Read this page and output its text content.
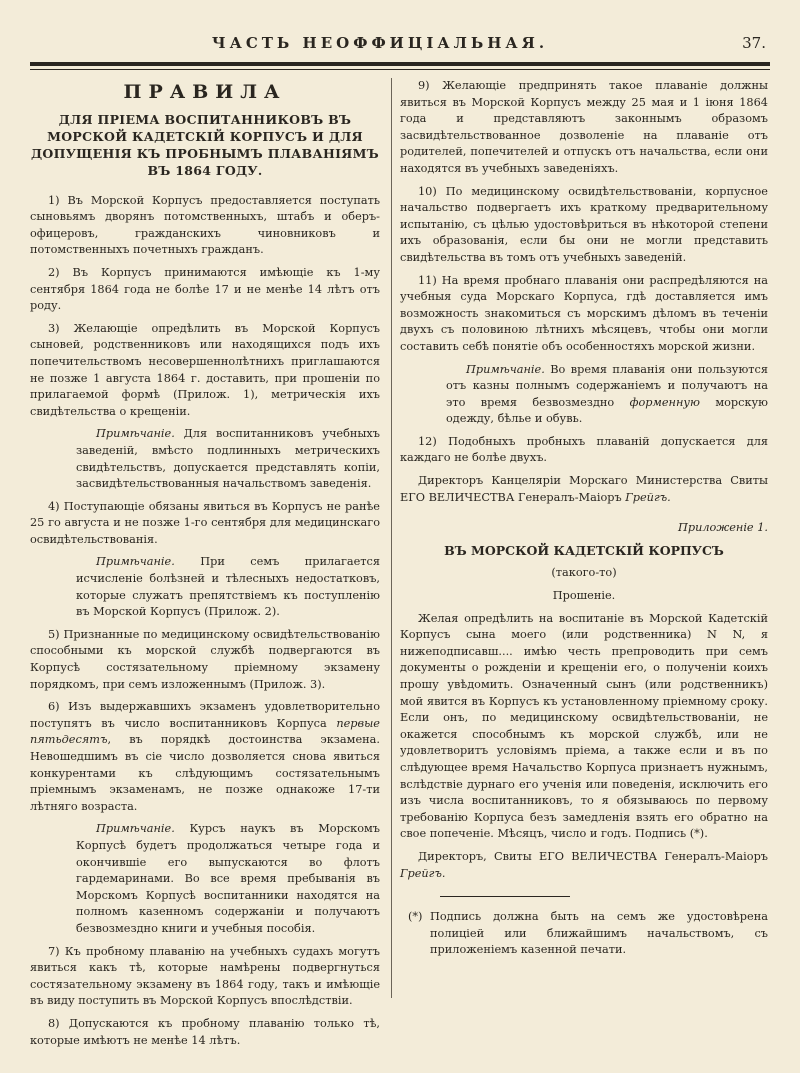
ЧАСТЬ НЕОФФИЦІАЛЬНАЯ.	37.
ПРАВИЛА
ДЛЯ ПРІЕМА ВОСПИТАННИКОВЪ ВЪ МОРСКОЙ КАДЕТСКІЙ КОРПУСЪ И ДЛЯ ДОПУЩЕНІЯ КЪ ПРОБНЫМЪ ПЛАВАНІЯМЪ ВЪ 1864 ГОДУ.

1) Въ Морской Корпусъ предоставляется поступать сыновьямъ дворянъ потомственныхъ, штабъ и оберъ-офицеровъ, гражданскихъ чиновниковъ и потомственныхъ почетныхъ гражданъ.

2) Въ Корпусъ принимаются имѣющіе къ 1-му сентября 1864 года не болѣе 17 и не менѣе 14 лѣтъ отъ роду.

3) Желающіе опредѣлить въ Морской Корпусъ сыновей, родственниковъ или находящихся подъ ихъ попечительствомъ несовершеннолѣтнихъ приглашаются не позже 1 августа 1864 г. доставить, при прошеніи по прилагаемой формѣ (Прилож. 1), метрическія ихъ свидѣтельства о крещеніи.

Примѣчаніе. Для воспитанниковъ учебныхъ заведеній, вмѣсто подлинныхъ метрическихъ свидѣтельствъ, допускается представлять копіи, засвидѣтельствованныя начальствомъ заведенія.

4) Поступающіе обязаны явиться въ Корпусъ не ранѣе 25 го августа и не позже 1-го сентября для медицинскаго освидѣтельствованія.

Примѣчаніе. При семъ прилагается исчисленіе болѣзней и тѣлесныхъ недостатковъ, которые служатъ препятствіемъ къ поступленію въ Морской Корпусъ (Прилож. 2).

5) Признанные по медицинскому освидѣтельствованію способными къ морской службѣ подвергаются въ Корпусѣ состязательному пріемному экзамену порядкомъ, при семъ изложеннымъ (Прилож. 3).

6) Изъ выдержавшихъ экзаменъ удовлетворительно поступятъ въ число воспитанниковъ Корпуса первые пятьдесятъ, въ порядкѣ достоинства экзамена. Невошедшимъ въ сіе число дозволяется снова явиться конкурентами къ слѣдующимъ состязательнымъ пріемнымъ экзаменамъ, не позже однакоже 17-ти лѣтняго возраста.

Примѣчаніе. Курсъ наукъ въ Морскомъ Корпусѣ будетъ продолжаться четыре года и окончившіе его выпускаются во флотъ гардемаринами. Во все время пребыванія въ Морскомъ Корпусѣ воспитанники находятся на полномъ казенномъ содержаніи и получаютъ безвозмездно книги и учебныя пособія.

7) Къ пробному плаванію на учебныхъ судахъ могутъ явиться какъ тѣ, которые намѣрены подвергнуться состязательному экзамену въ 1864 году, такъ и имѣющіе въ виду поступить въ Морской Корпусъ впослѣдствіи.

8) Допускаются къ пробному плаванію только тѣ, которые имѣютъ не менѣе 14 лѣтъ.

9) Желающіе предпринять такое плаваніе должны явиться въ Морской Корпусъ между 25 мая и 1 іюня 1864 года и представляютъ законнымъ образомъ засвидѣтельствованное дозволеніе на плаваніе отъ родителей, попечителей и отпускъ отъ начальства, если они находятся въ учебныхъ заведеніяхъ.

10) По медицинскому освидѣтельствованіи, корпусное начальство подвергаетъ ихъ краткому предварительному испытанію, съ цѣлью удостовѣриться въ нѣкоторой степени ихъ образованія, если бы они не могли представить свидѣтельства въ томъ отъ учебныхъ заведеній.

11) На время пробнаго плаванія они распредѣляются на учебныя суда Морскаго Корпуса, гдѣ доставляется имъ возможность знакомиться съ морскимъ дѣломъ въ теченіи двухъ съ половиною лѣтнихъ мѣсяцевъ, чтобы они могли составить себѣ понятіе объ особенностяхъ морской жизни.

Примѣчаніе. Во время плаванія они пользуются отъ казны полнымъ содержаніемъ и получаютъ на это время безвозмездно форменную морскую одежду, бѣлье и обувь.

12) Подобныхъ пробныхъ плаваній допускается для каждаго не болѣе двухъ.

Директоръ Канцеляріи Морскаго Министерства Свиты ЕГО ВЕЛИЧЕСТВА Генералъ-Маіоръ Грейгъ.

Приложеніе 1.

ВЪ МОРСКОЙ КАДЕТСКІЙ КОРПУСЪ

(такого-то)

Прошеніе.

Желая опредѣлить на воспитаніе въ Морской Кадетскій Корпусъ сына моего (или родственника) N N, я нижеподписавш.... имѣю честь препроводить при семъ документы о рожденіи и крещеніи его, о полученіи коихъ прошу увѣдомить. Означенный сынъ (или родственникъ) мой явится въ Корпусъ къ установленному пріемному сроку. Если онъ, по медицинскому освидѣтельствованіи, не окажется способнымъ къ морской службѣ, или не удовлетворитъ условіямъ пріема, а также если и въ по слѣдующее время Начальство Корпуса признаетъ нужнымъ, вслѣдствіе дурнаго его ученія или поведенія, исключить его изъ числа воспитанниковъ, то я обязываюсь по первому требованію Корпуса безъ замедленія взять его обратно на свое попеченіе. Мѣсяцъ, число и годъ. Подпись (*).

Директоръ, Свиты ЕГО ВЕЛИЧЕСТВА Генералъ-Маіоръ Грейгъ.

(*) Подпись должна быть на семъ же удостовѣрена полиціей или ближайшимъ начальствомъ, съ приложеніемъ казенной печати.
